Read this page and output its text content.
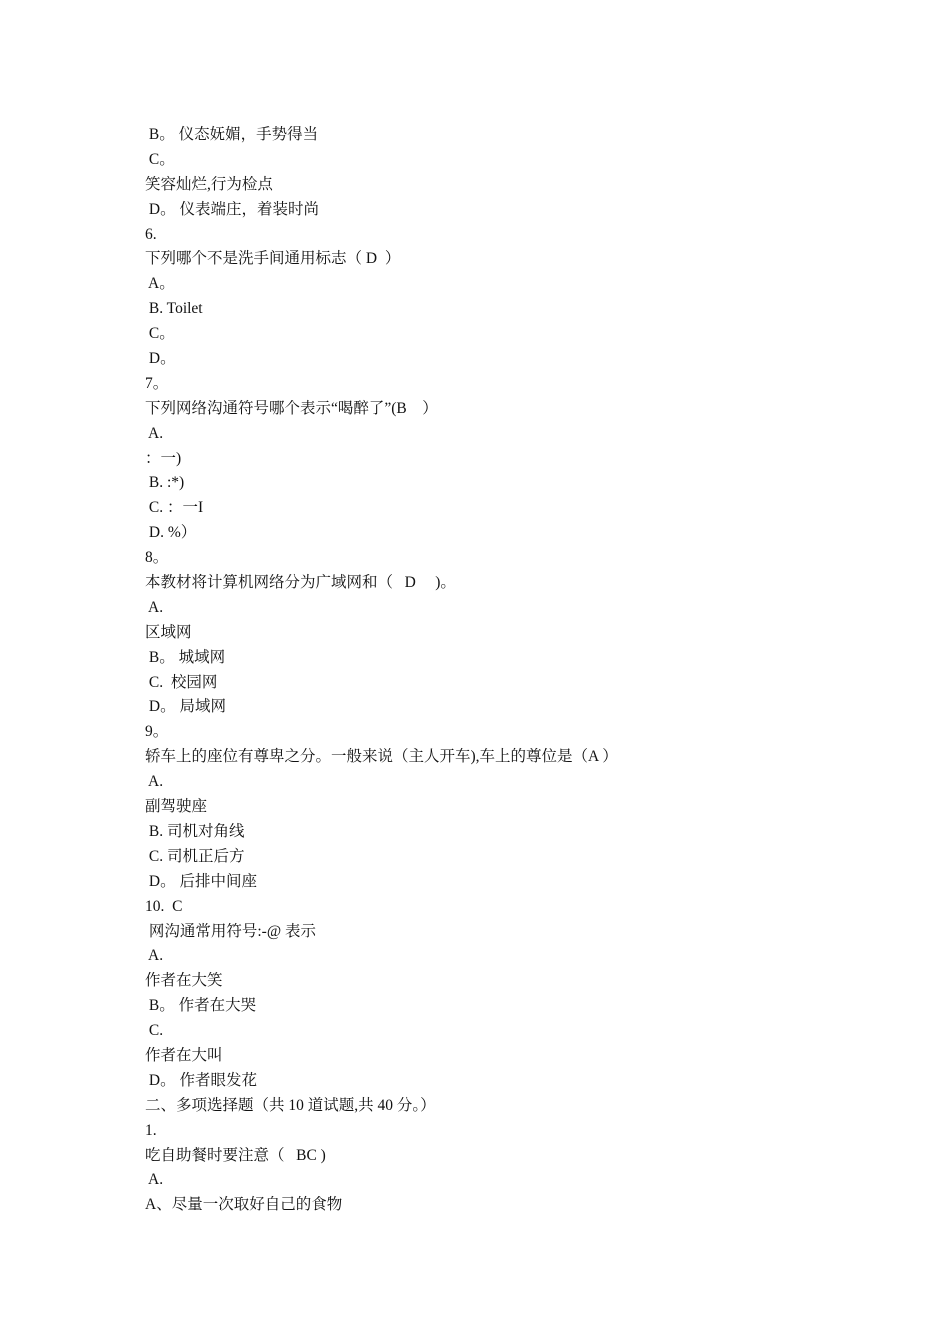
B。 仪态妩媚，手势得当
C。
笑容灿烂,行为检点
D。 仪表端庄，着装时尚
6.
下列哪个不是洗手间通用标志（ D  ）
A。
B. Toilet
C。
D。
7。
下列网络沟通符号哪个表示“喝醉了”(B    ）
A.
：一)
B. :*)
C. ：一I
D. %）
8。
本教材将计算机网络分为广域网和（   D     )。
A.
区域网
B。 城域网
C.  校园网
D。 局域网
9。
轿车上的座位有尊卑之分。一般来说（主人开车),车上的尊位是（A ）
A.
副驾驶座
B. 司机对角线
C. 司机正后方
D。 后排中间座
10.  C
网沟通常用符号:-@ 表示
A.
作者在大笑
B。 作者在大哭
C.
作者在大叫
D。 作者眼发花
二、多项选择题（共 10 道试题,共 40 分。）
1.
吃自助餐时要注意（   BC )
A.
A、尽量一次取好自己的食物
